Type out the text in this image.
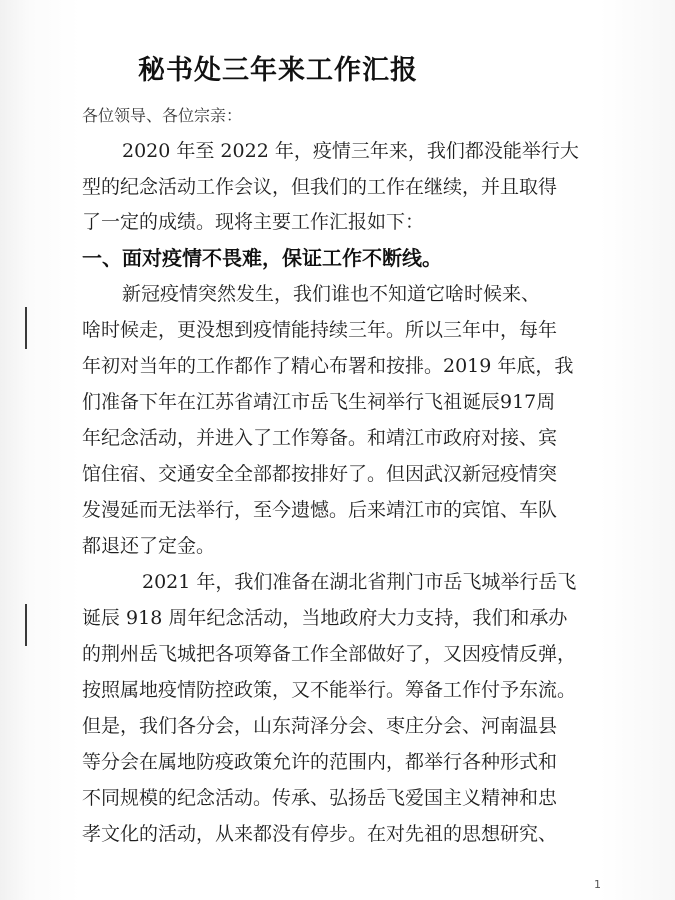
秘书处三年来工作汇报
各位领导、各位宗亲：
2020 年至 2022 年，疫情三年来，我们都没能举行大
型的纪念活动工作会议，但我们的工作在继续，并且取得
了一定的成绩。现将主要工作汇报如下：
一、面对疫情不畏难，保证工作不断线。
新冠疫情突然发生，我们谁也不知道它啥时候来、
啥时候走，更没想到疫情能持续三年。所以三年中，每年
年初对当年的工作都作了精心布署和按排。2019 年底，我
们准备下年在江苏省靖江市岳飞生祠举行飞祖诞辰917周
年纪念活动，并进入了工作筹备。和靖江市政府对接、宾
馆住宿、交通安全全部都按排好了。但因武汉新冠疫情突
发漫延而无法举行，至今遗憾。后来靖江市的宾馆、车队
都退还了定金。
2021 年，我们准备在湖北省荆门市岳飞城举行岳飞
诞辰 918 周年纪念活动，当地政府大力支持，我们和承办
的荆州岳飞城把各项筹备工作全部做好了，又因疫情反弹，
按照属地疫情防控政策，又不能举行。筹备工作付予东流。
但是，我们各分会，山东菏泽分会、枣庄分会、河南温县
等分会在属地防疫政策允许的范围内，都举行各种形式和
不同规模的纪念活动。传承、弘扬岳飞爱国主义精神和忠
孝文化的活动，从来都没有停步。在对先祖的思想研究、
1
